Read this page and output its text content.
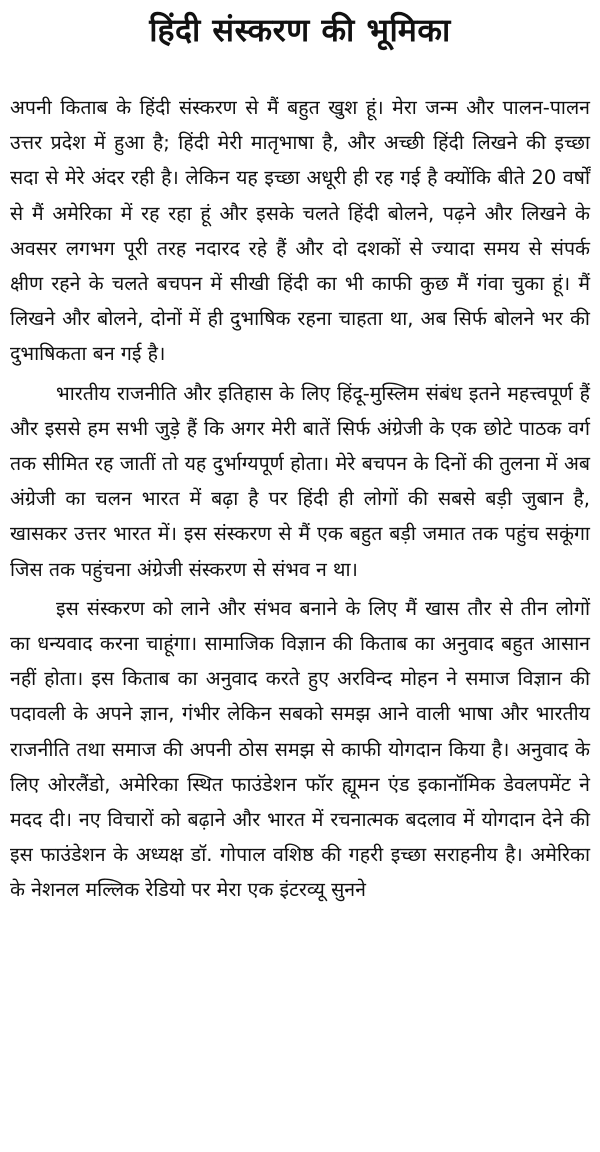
हिंदी संस्करण की भूमिका

अपनी किताब के हिंदी संस्करण से मैं बहुत खुश हूं। मेरा जन्म और पालन-पालन उत्तर प्रदेश में हुआ है; हिंदी मेरी मातृभाषा है, और अच्छी हिंदी लिखने की इच्छा सदा से मेरे अंदर रही है। लेकिन यह इच्छा अधूरी ही रह गई है क्योंकि बीते 20 वर्षों से मैं अमेरिका में रह रहा हूं और इसके चलते हिंदी बोलने, पढ़ने और लिखने के अवसर लगभग पूरी तरह नदारद रहे हैं और दो दशकों से ज्यादा समय से संपर्क क्षीण रहने के चलते बचपन में सीखी हिंदी का भी काफी कुछ मैं गंवा चुका हूं। मैं लिखने और बोलने, दोनों में ही दुभाषिक रहना चाहता था, अब सिर्फ बोलने भर की दुभाषिकता बन गई है।

भारतीय राजनीति और इतिहास के लिए हिंदू-मुस्लिम संबंध इतने महत्त्वपूर्ण हैं और इससे हम सभी जुड़े हैं कि अगर मेरी बातें सिर्फ अंग्रेजी के एक छोटे पाठक वर्ग तक सीमित रह जातीं तो यह दुर्भाग्यपूर्ण होता। मेरे बचपन के दिनों की तुलना में अब अंग्रेजी का चलन भारत में बढ़ा है पर हिंदी ही लोगों की सबसे बड़ी जुबान है, खासकर उत्तर भारत में। इस संस्करण से मैं एक बहुत बड़ी जमात तक पहुंच सकूंगा जिस तक पहुंचना अंग्रेजी संस्करण से संभव न था।

इस संस्करण को लाने और संभव बनाने के लिए मैं खास तौर से तीन लोगों का धन्यवाद करना चाहूंगा। सामाजिक विज्ञान की किताब का अनुवाद बहुत आसान नहीं होता। इस किताब का अनुवाद करते हुए अरविन्द मोहन ने समाज विज्ञान की पदावली के अपने ज्ञान, गंभीर लेकिन सबको समझ आने वाली भाषा और भारतीय राजनीति तथा समाज की अपनी ठोस समझ से काफी योगदान किया है। अनुवाद के लिए ओरलैंडो, अमेरिका स्थित फाउंडेशन फॉर ह्यूमन एंड इकानॉमिक डेवलपमेंट ने मदद दी। नए विचारों को बढ़ाने और भारत में रचनात्मक बदलाव में योगदान देने की इस फाउंडेशन के अध्यक्ष डॉ. गोपाल वशिष्ठ की गहरी इच्छा सराहनीय है। अमेरिका के नेशनल मल्लिक रेडियो पर मेरा एक इंटरव्यू सुनने
